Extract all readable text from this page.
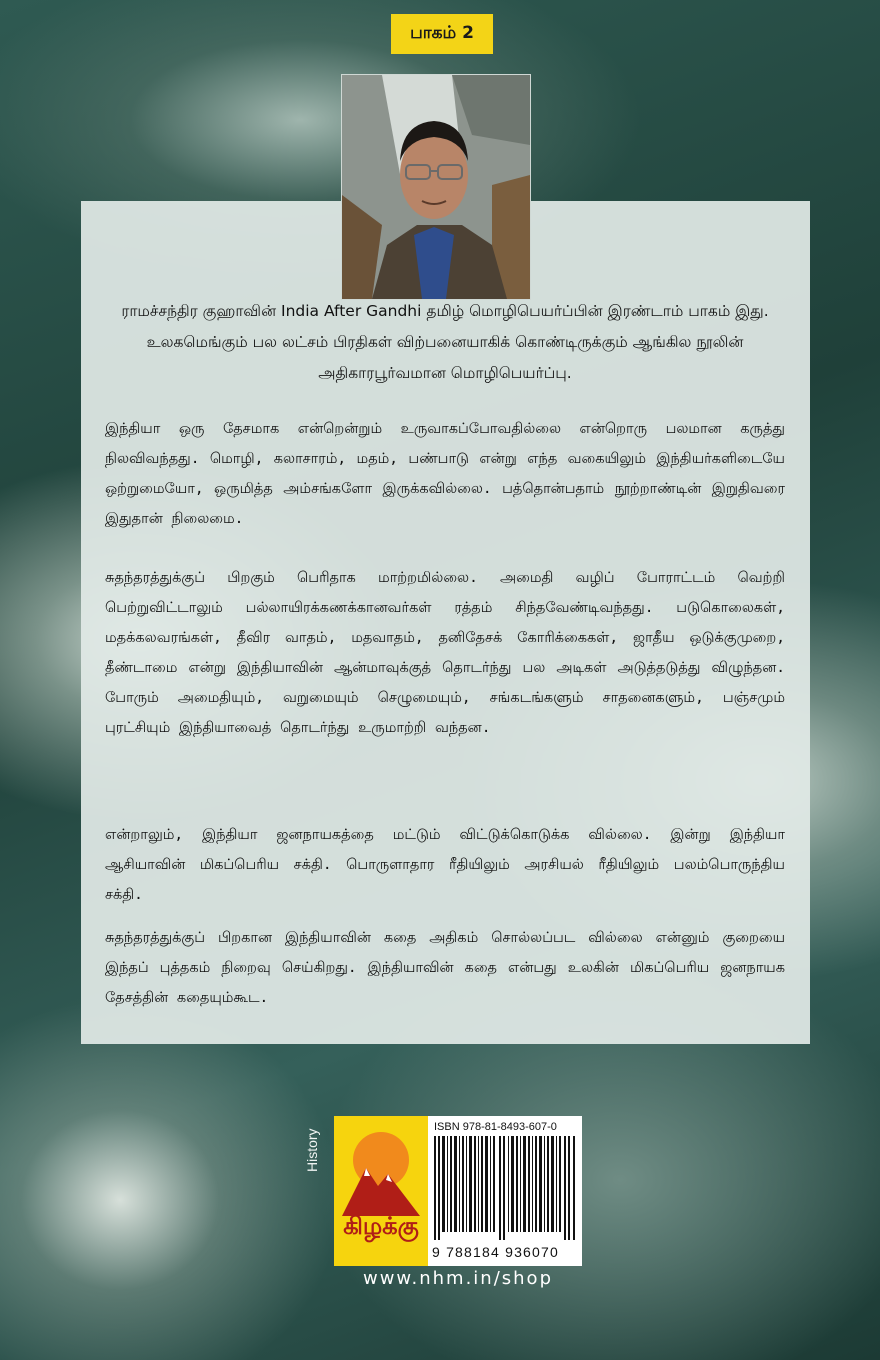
பாகம் 2

ராமச்சந்திர குஹாவின் India After Gandhi தமிழ் மொழிபெயர்ப்பின் இரண்டாம் பாகம் இது. உலகமெங்கும் பல லட்சம் பிரதிகள் விற்பனையாகிக் கொண்டிருக்கும் ஆங்கில நூலின் அதிகாரபூர்வமான மொழிபெயர்ப்பு.

இந்தியா ஒரு தேசமாக என்றென்றும் உருவாகப்போவதில்லை என்றொரு பலமான கருத்து நிலவிவந்தது. மொழி, கலாசாரம், மதம், பண்பாடு என்று எந்த வகையிலும் இந்தியர்களிடையே ஒற்றுமையோ, ஒருமித்த அம்சங்களோ இருக்கவில்லை. பத்தொன்பதாம் நூற்றாண்டின் இறுதிவரை இதுதான் நிலைமை.

சுதந்தரத்துக்குப் பிறகும் பெரிதாக மாற்றமில்லை. அமைதி வழிப் போராட்டம் வெற்றி பெற்றுவிட்டாலும் பல்லாயிரக்கணக்கானவர்கள் ரத்தம் சிந்தவேண்டிவந்தது. படுகொலைகள், மதக்கலவரங்கள், தீவிர வாதம், மதவாதம், தனிதேசக் கோரிக்கைகள், ஜாதீய ஒடுக்குமுறை, தீண்டாமை என்று இந்தியாவின் ஆன்மாவுக்குத் தொடர்ந்து பல அடிகள் அடுத்தடுத்து விழுந்தன. போரும் அமைதியும், வறுமையும் செழுமையும், சங்கடங்களும் சாதனைகளும், பஞ்சமும் புரட்சியும் இந்தியாவைத் தொடர்ந்து உருமாற்றி வந்தன.

என்றாலும், இந்தியா ஜனநாயகத்தை மட்டும் விட்டுக்கொடுக்க வில்லை. இன்று இந்தியா ஆசியாவின் மிகப்பெரிய சக்தி. பொருளாதார ரீதியிலும் அரசியல் ரீதியிலும் பலம்பொருந்திய சக்தி.

சுதந்தரத்துக்குப் பிறகான இந்தியாவின் கதை அதிகம் சொல்லப்பட வில்லை என்னும் குறையை இந்தப் புத்தகம் நிறைவு செய்கிறது. இந்தியாவின் கதை என்பது உலகின் மிகப்பெரிய ஜனநாயக தேசத்தின் கதையும்கூட.

History
கிழக்கு
ISBN 978-81-8493-607-0
9 788184 936070
www.nhm.in/shop
